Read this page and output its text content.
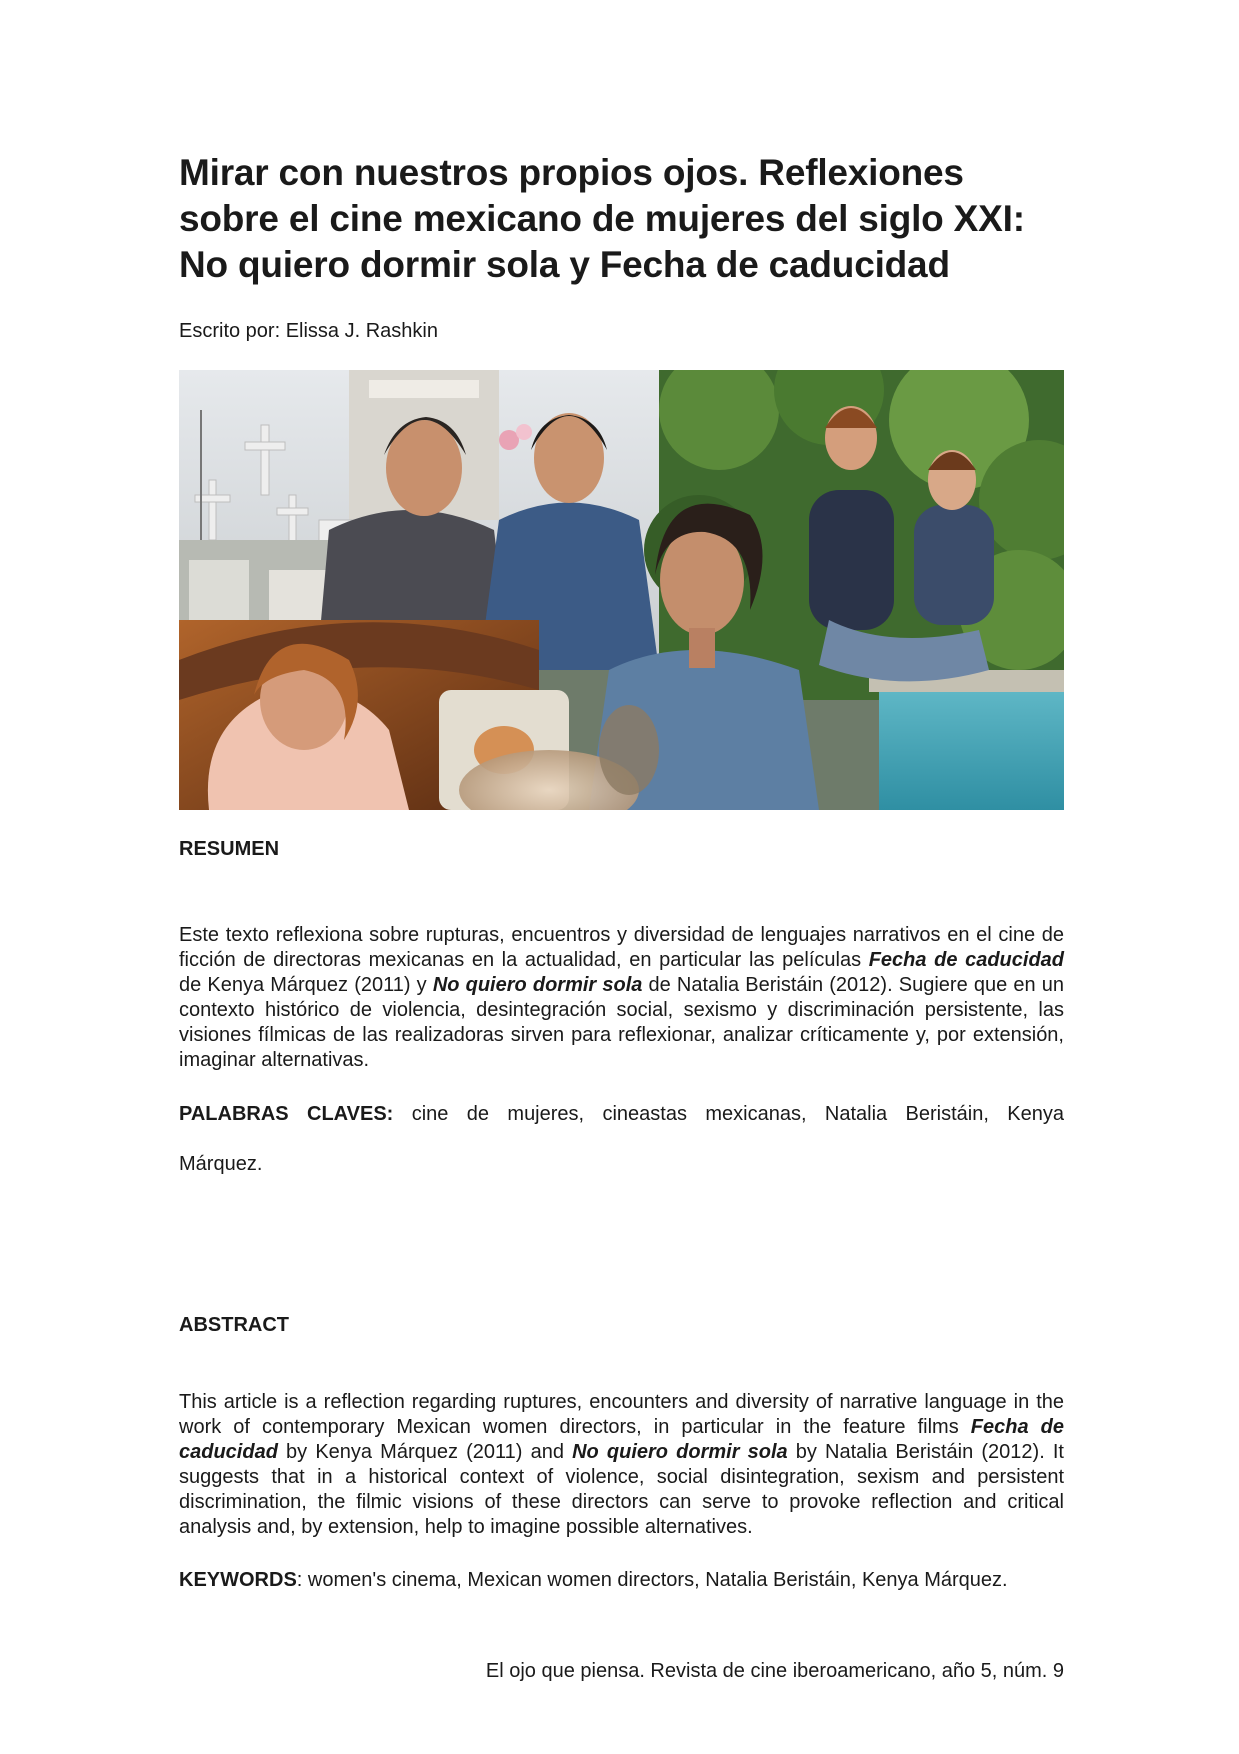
Mirar con nuestros propios ojos. Reflexiones
sobre el cine mexicano de mujeres del siglo XXI:
No quiero dormir sola y Fecha de caducidad
Escrito por: Elissa J. Rashkin
RESUMEN

Este texto reflexiona sobre rupturas, encuentros y diversidad de lenguajes narrativos en el cine de ficción de directoras mexicanas en la actualidad, en particular las películas Fecha de caducidad de Kenya Márquez (2011) y No quiero dormir sola de Natalia Beristáin (2012). Sugiere que en un contexto histórico de violencia, desintegración social, sexismo y discriminación persistente, las visiones fílmicas de las realizadoras sirven para reflexionar, analizar críticamente y, por extensión, imaginar alternativas.

PALABRAS CLAVES: cine de mujeres, cineastas mexicanas, Natalia Beristáin, Kenya

Márquez.

ABSTRACT

This article is a reflection regarding ruptures, encounters and diversity of narrative language in the work of contemporary Mexican women directors, in particular in the feature films Fecha de caducidad by Kenya Márquez (2011) and No quiero dormir sola by Natalia Beristáin (2012). It suggests that in a historical context of violence, social disintegration, sexism and persistent discrimination, the filmic visions of these directors can serve to provoke reflection and critical analysis and, by extension, help to imagine possible alternatives.

KEYWORDS: women's cinema, Mexican women directors, Natalia Beristáin, Kenya Márquez.

El ojo que piensa. Revista de cine iberoamericano, año 5, núm. 9
